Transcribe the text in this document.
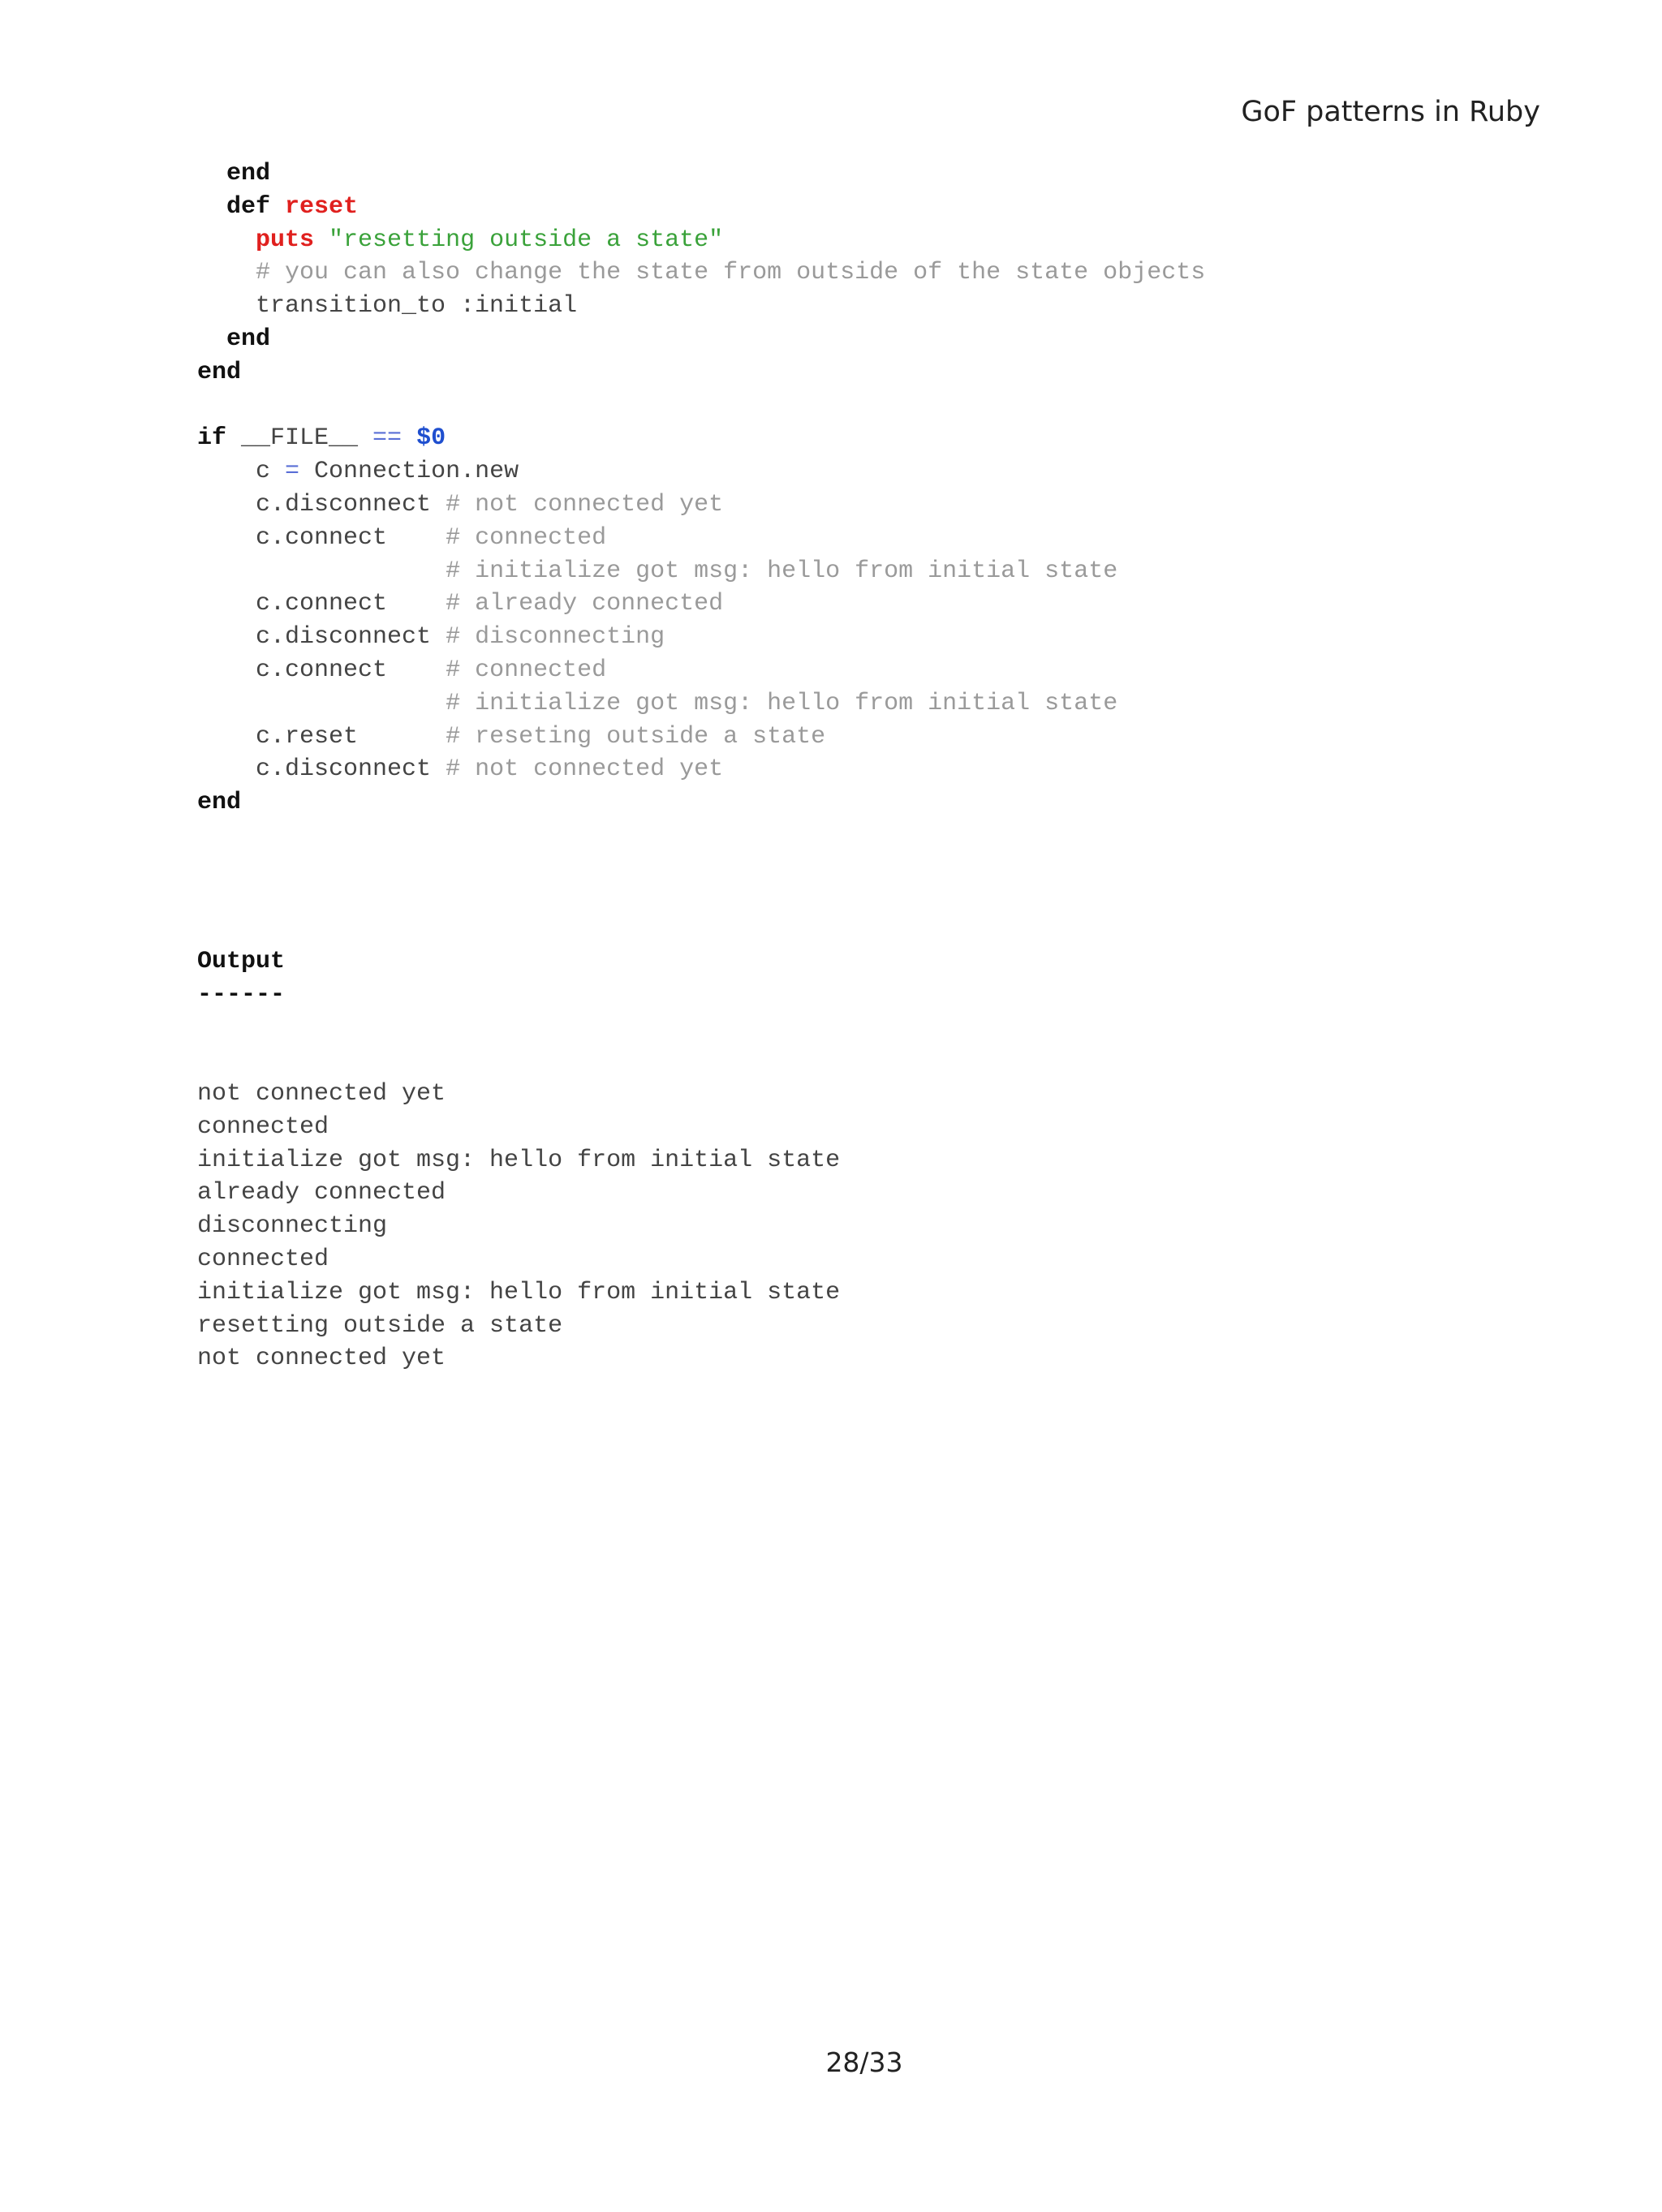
GoF patterns in Ruby
end
def reset
puts "resetting outside a state"
# you can also change the state from outside of the state objects
transition_to :initial
end
end
if __FILE__ == $0
c = Connection.new
c.disconnect # not connected yet
c.connect    # connected
# initialize got msg: hello from initial state
c.connect    # already connected
c.disconnect # disconnecting
c.connect    # connected
# initialize got msg: hello from initial state
c.reset      # reseting outside a state
c.disconnect # not connected yet
end
Output
------
not connected yet
connected
initialize got msg: hello from initial state
already connected
disconnecting
connected
initialize got msg: hello from initial state
resetting outside a state
not connected yet
28/33
